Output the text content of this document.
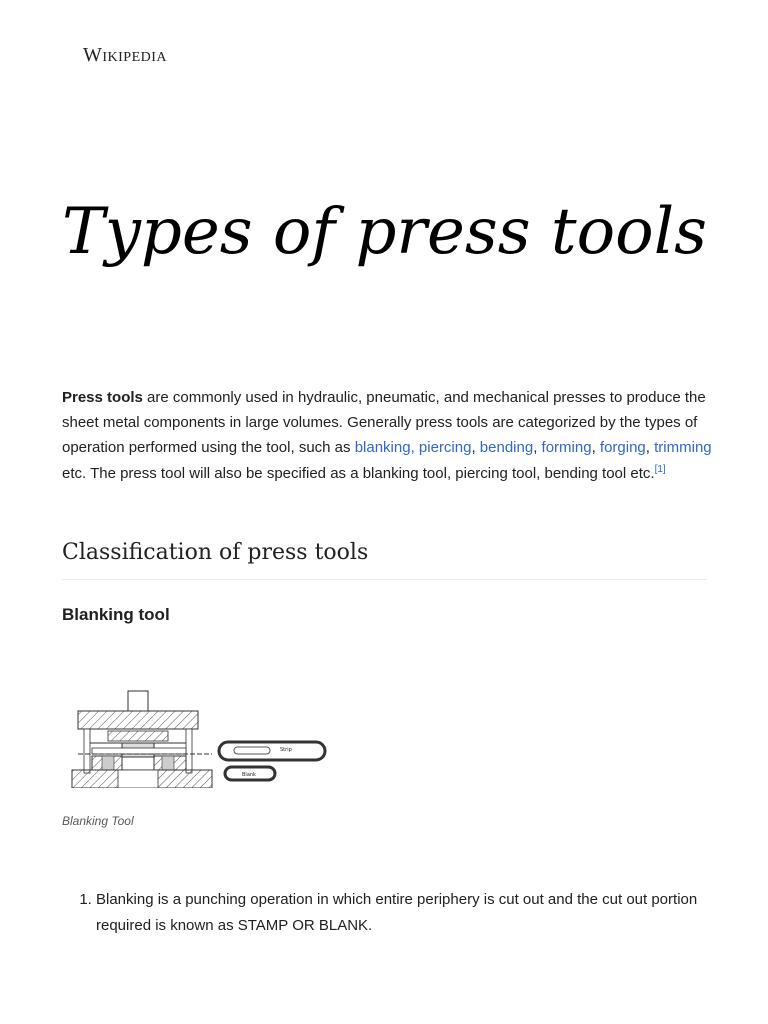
Wikipedia
Types of press tools

Press tools are commonly used in hydraulic, pneumatic, and mechanical presses to produce the sheet metal components in large volumes. Generally press tools are categorized by the types of operation performed using the tool, such as blanking, piercing, bending, forming, forging, trimming etc. The press tool will also be specified as a blanking tool, piercing tool, bending tool etc.[1]

Classification of press tools
Blanking tool
Strip
Blank
Blanking Tool
1. Blanking is a punching operation in which entire periphery is cut out and the cut out portion required is known as STAMP OR BLANK.
